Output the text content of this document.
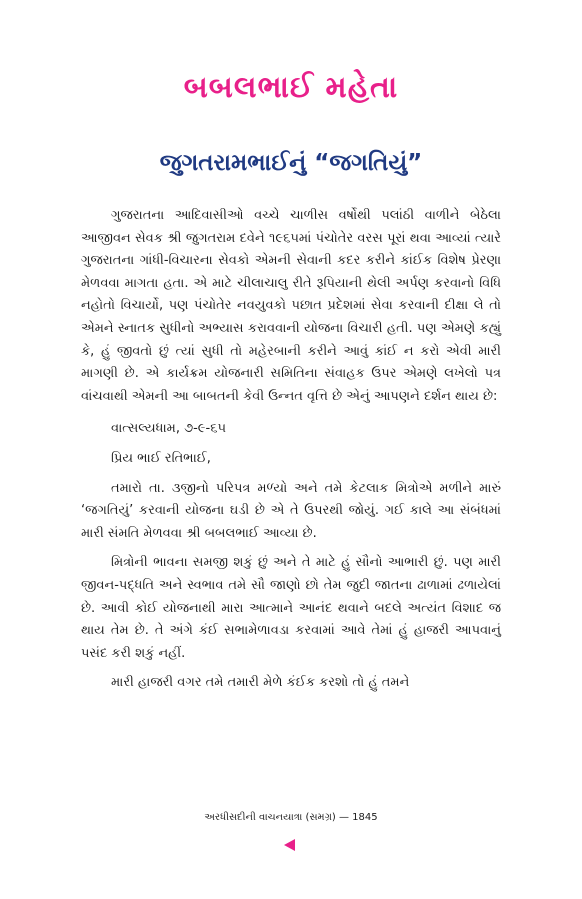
બબલભાઈ મહેતા
જુગતરામભાઈનું “જગતિયું”

ગુજરાતના આદિવાસીઓ વચ્ચે ચાળીસ વર્ષોથી પલાંઠી વાળીને બેઠેલા આજીવન સેવક શ્રી જુગતરામ દવેને ૧૯૬૫માં પંચોતેર વરસ પૂરાં થવા આવ્યાં ત્યારે ગુજરાતના ગાંધી-વિચારના સેવકો એમની સેવાની કદર કરીને કાંઈક વિશેષ પ્રેરણા મેળવવા માગતા હતા. એ માટે ચીલાચાલુ રીતે રૂપિયાની થેલી અર્પણ કરવાનો વિધિ નહોતો વિચાર્યો, પણ પંચોતેર નવયુવકો પછાત પ્રદેશમાં સેવા કરવાની દીક્ષા લે તો એમને સ્નાતક સુધીનો અભ્યાસ કરાવવાની યોજના વિચારી હતી. પણ એમણે કહ્યું કે, હું જીવતો છું ત્યાં સુધી તો મહેરબાની કરીને આવું કાંઈ ન કરો એવી મારી માગણી છે. એ કાર્યક્રમ યોજનારી સમિતિના સંવાહક ઉપર એમણે લખેલો પત્ર વાંચવાથી એમની આ બાબતની કેવી ઉન્નત વૃત્તિ છે એનું આપણને દર્શન થાય છે:

વાત્સલ્યધામ, ૭-૯-૬૫

પ્રિય ભાઈ રતિભાઈ,

તમારો તા. ૩જીનો પરિપત્ર મળ્યો અને તમે કેટલાક મિત્રોએ મળીને મારું ‘જગતિયું’ કરવાની યોજના ઘડી છે એ તે ઉપરથી જોયું. ગઈ કાલે આ સંબંધમાં મારી સંમતિ મેળવવા શ્રી બબલભાઈ આવ્યા છે.

મિત્રોની ભાવના સમજી શકું છું અને તે માટે હું સૌનો આભારી છું. પણ મારી જીવન-પદ્ધતિ અને સ્વભાવ તમે સૌ જાણો છો તેમ જુદી જાતના ઢાળામાં ઢળાયેલાં છે. આવી કોઈ યોજનાથી મારા આત્માને આનંદ થવાને બદલે અત્યંત વિશાદ જ થાય તેમ છે. તે અંગે કંઈ સભામેળાવડા કરવામાં આવે તેમાં હું હાજરી આપવાનું પસંદ કરી શકું નહીં.

મારી હાજરી વગર તમે તમારી મેળે કંઈક કરશો તો હું તમને

અરધીસદીની વાચનયાત્રા (સમગ્ર) — 1845
